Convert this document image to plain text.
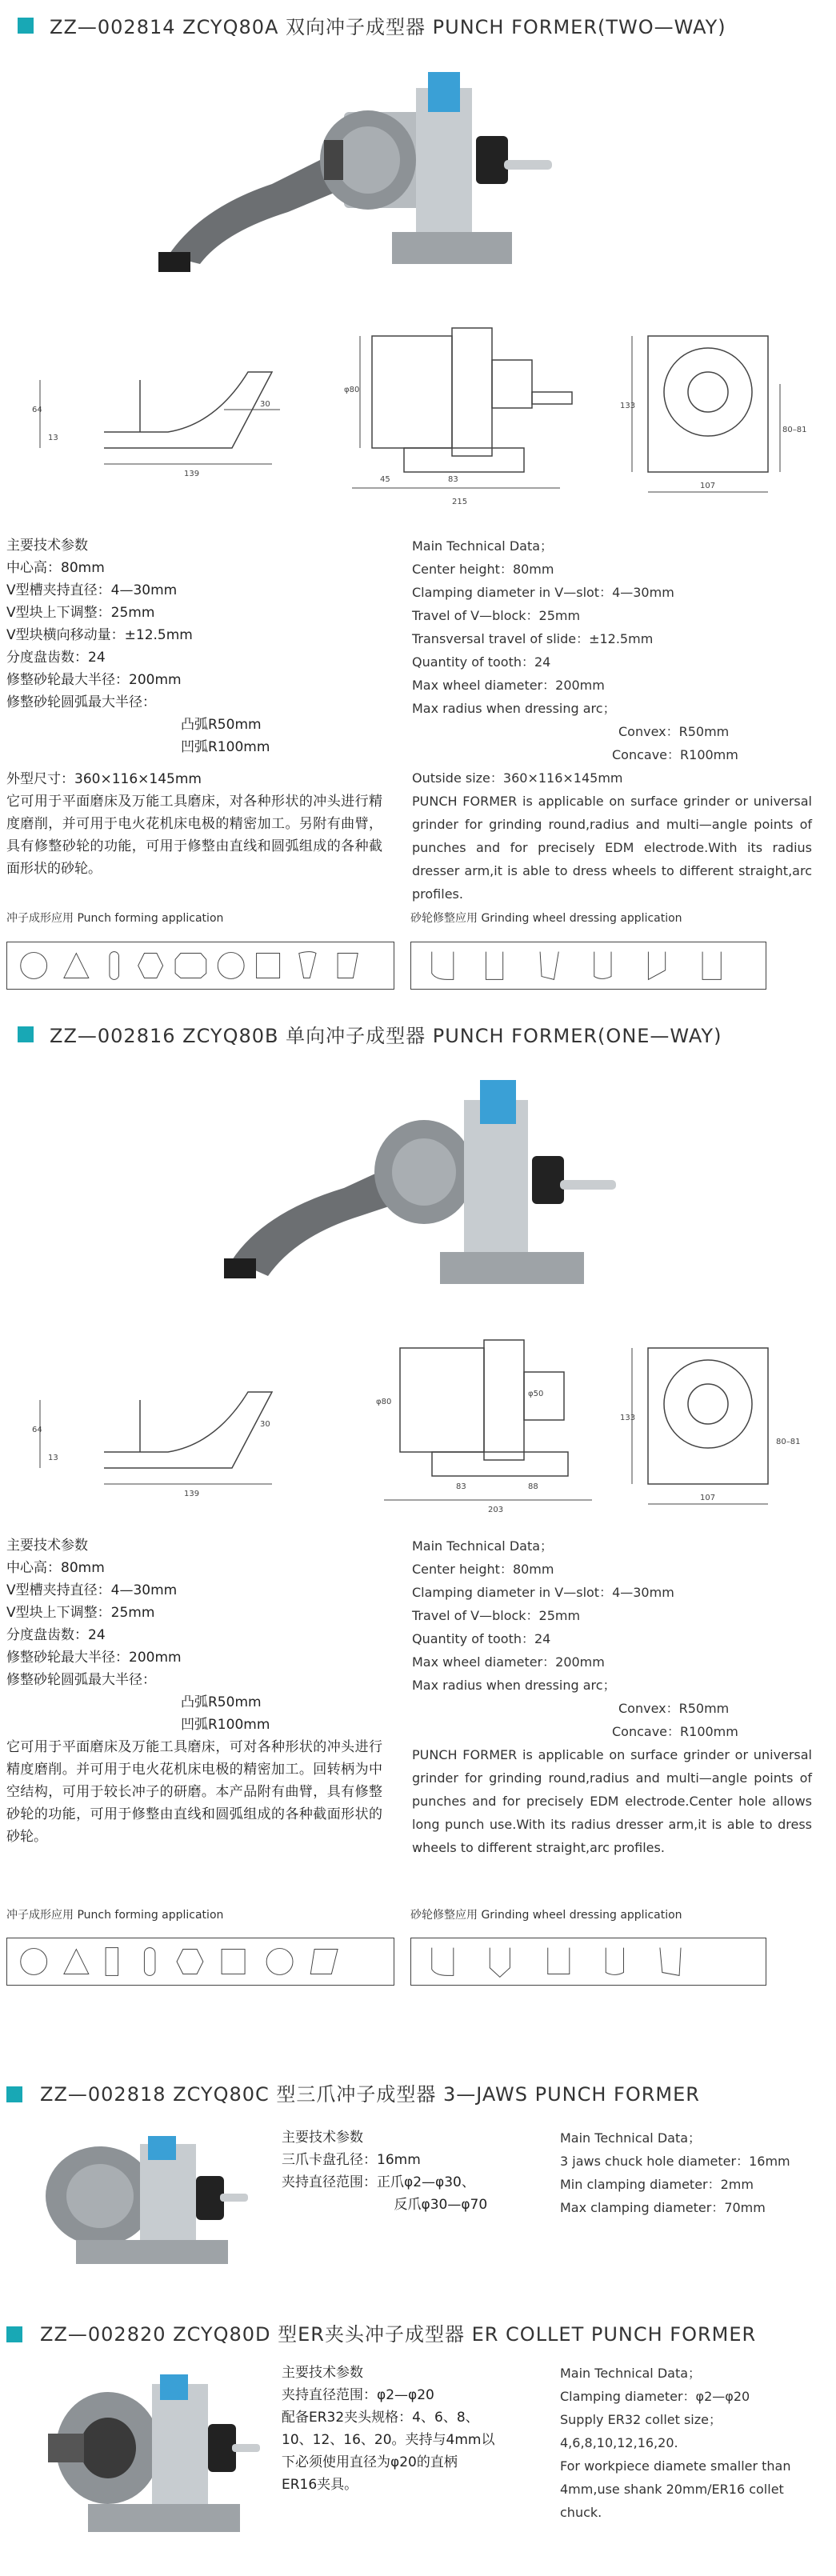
ZZ—002814 ZCYQ80A 双向冲子成型器 PUNCH FORMER(TWO—WAY)
64
13
30
139
φ80
45	83
215
133
80–81
107
主要技术参数
中心高：80mm
V型槽夹持直径：4—30mm
V型块上下调整：25mm
V型块横向移动量：±12.5mm
分度盘齿数：24
修整砂轮最大半径：200mm
修整砂轮圆弧最大半径：
凸弧R50mm
凹弧R100mm
外型尺寸：360×116×145mm
它可用于平面磨床及万能工具磨床，对各种形状的冲头进行精度磨削，并可用于电火花机床电极的精密加工。另附有曲臂，具有修整砂轮的功能，可用于修整由直线和圆弧组成的各种截面形状的砂轮。
Main Technical Data；
Center height：80mm
Clamping diameter in V—slot：4—30mm
Travel of V—block：25mm
Transversal travel of slide：±12.5mm
Quantity of tooth：24
Max wheel diameter：200mm
Max radius when dressing arc；
Convex：R50mm
Concave：R100mm
Outside size：360×116×145mm
PUNCH FORMER is applicable on surface grinder or universal grinder for grinding round,radius and multi—angle points of punches and for precisely EDM electrode.With its radius dresser arm,it is able to dress wheels to different straight,arc profiles.
冲子成形应用 Punch forming application	砂轮修整应用 Grinding wheel dressing application
ZZ—002816 ZCYQ80B 单向冲子成型器 PUNCH FORMER(ONE—WAY)
64
13
30
139
φ80
φ50
83	88
203
133
80–81
107
主要技术参数
中心高：80mm
V型槽夹持直径：4—30mm
V型块上下调整：25mm
分度盘齿数：24
修整砂轮最大半径：200mm
修整砂轮圆弧最大半径：
凸弧R50mm
凹弧R100mm
它可用于平面磨床及万能工具磨床，可对各种形状的冲头进行精度磨削。并可用于电火花机床电极的精密加工。回转柄为中空结构，可用于较长冲子的研磨。本产品附有曲臂，具有修整砂轮的功能，可用于修整由直线和圆弧组成的各种截面形状的砂轮。
Main Technical Data；
Center height：80mm
Clamping diameter in V—slot：4—30mm
Travel of V—block：25mm
Quantity of tooth：24
Max wheel diameter：200mm
Max radius when dressing arc；
Convex：R50mm
Concave：R100mm
PUNCH FORMER is applicable on surface grinder or universal grinder for grinding round,radius and multi—angle points of punches and for precisely EDM electrode.Center hole allows long punch use.With its radius dresser arm,it is able to dress wheels to different straight,arc profiles.
冲子成形应用 Punch forming application	砂轮修整应用 Grinding wheel dressing application
ZZ—002818 ZCYQ80C 型三爪冲子成型器 3—JAWS PUNCH FORMER
主要技术参数
三爪卡盘孔径：16mm
夹持直径范围：正爪φ2—φ30、
反爪φ30—φ70
Main Technical Data；
3 jaws chuck hole diameter：16mm
Min clamping diameter：2mm
Max clamping diameter：70mm
ZZ—002820 ZCYQ80D 型ER夹头冲子成型器 ER COLLET PUNCH FORMER
主要技术参数
夹持直径范围：φ2—φ20
配备ER32夹头规格：4、6、8、
10、12、16、20。夹持与4mm以
下必须使用直径为φ20的直柄
ER16夹具。
Main Technical Data；
Clamping diameter：φ2—φ20
Supply ER32 collet size；
4,6,8,10,12,16,20.
For workpiece diamete smaller than
4mm,use shank 20mm/ER16 collet
chuck.
